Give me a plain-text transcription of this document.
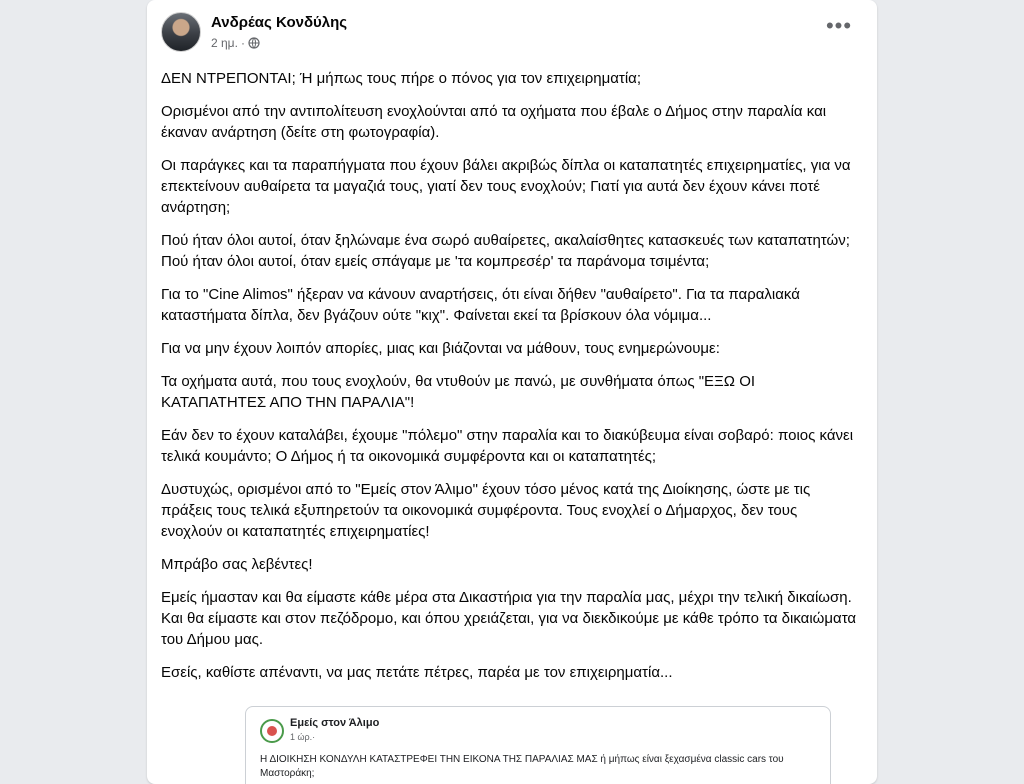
Ανδρέας Κονδύλης
2 ημ. ·
•••

ΔΕΝ ΝΤΡΕΠΟΝΤΑΙ; Ή μήπως τους πήρε ο πόνος για τον επιχειρηματία;

Ορισμένοι από την αντιπολίτευση ενοχλούνται από τα οχήματα που έβαλε ο Δήμος στην παραλία και έκαναν ανάρτηση (δείτε στη φωτογραφία).

Οι παράγκες και τα παραπήγματα που έχουν βάλει ακριβώς δίπλα οι καταπατητές επιχειρηματίες, για να επεκτείνουν αυθαίρετα τα μαγαζιά τους, γιατί δεν τους ενοχλούν; Γιατί για αυτά δεν έχουν κάνει ποτέ ανάρτηση;

Πού ήταν όλοι αυτοί, όταν ξηλώναμε ένα σωρό αυθαίρετες, ακαλαίσθητες κατασκευές των καταπατητών; Πού ήταν όλοι αυτοί, όταν εμείς σπάγαμε με 'τα κομπρεσέρ' τα παράνομα τσιμέντα;

Για το "Cine Alimos" ήξεραν να κάνουν αναρτήσεις, ότι είναι δήθεν "αυθαίρετο". Για τα παραλιακά καταστήματα δίπλα, δεν βγάζουν ούτε "κιχ". Φαίνεται εκεί τα βρίσκουν όλα νόμιμα...

Για να μην έχουν λοιπόν απορίες, μιας και βιάζονται να μάθουν, τους ενημερώνουμε:

Τα οχήματα αυτά, που τους ενοχλούν, θα ντυθούν με πανώ, με συνθήματα όπως "ΕΞΩ ΟΙ ΚΑΤΑΠΑΤΗΤΕΣ ΑΠΟ ΤΗΝ ΠΑΡΑΛΙΑ"!

Εάν δεν το έχουν καταλάβει, έχουμε "πόλεμο" στην παραλία και το διακύβευμα είναι σοβαρό: ποιος κάνει τελικά κουμάντο; Ο Δήμος ή τα οικονομικά συμφέροντα και οι καταπατητές;

Δυστυχώς, ορισμένοι από το "Εμείς στον Άλιμο" έχουν τόσο μένος κατά της Διοίκησης, ώστε με τις πράξεις τους τελικά εξυπηρετούν τα οικονομικά συμφέροντα. Τους ενοχλεί ο Δήμαρχος, δεν τους ενοχλούν οι καταπατητές επιχειρηματίες!

Μπράβο σας λεβέντες!

Εμείς ήμασταν και θα είμαστε κάθε μέρα στα Δικαστήρια για την παραλία μας, μέχρι την τελική δικαίωση. Και θα είμαστε και στον πεζόδρομο, και όπου χρειάζεται, για να διεκδικούμε με κάθε τρόπο τα δικαιώματα του Δήμου μας.

Εσείς, καθίστε απέναντι, να μας πετάτε πέτρες, παρέα με τον επιχειρηματία...

Εμείς στον Άλιμο
1 ώρ.·
Η ΔΙΟΙΚΗΣΗ ΚΟΝΔΥΛΗ ΚΑΤΑΣΤΡΕΦΕΙ ΤΗΝ ΕΙΚΟΝΑ ΤΗΣ ΠΑΡΑΛΙΑΣ ΜΑΣ ή μήπως είναι ξεχασμένα classic cars του Μαστοράκη;
